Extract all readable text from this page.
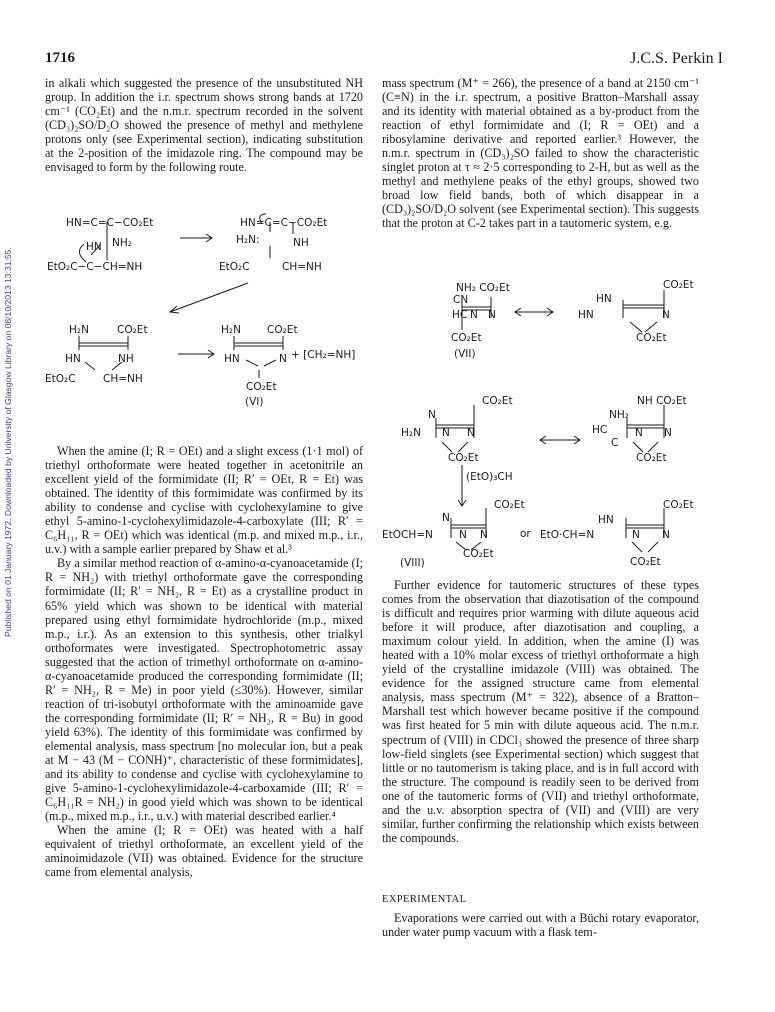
1716	J.C.S. Perkin I
Published on 01 January 1972. Downloaded by University of Glasgow Library on 08/10/2013 13:31:55.

in alkali which suggested the presence of the unsubstituted NH group. In addition the i.r. spectrum shows strong bands at 1720 cm⁻¹ (CO₂Et) and the n.m.r. spectrum recorded in the solvent (CD₃)₂SO/D₂O showed the presence of methyl and methylene protons only (see Experimental section), indicating substitution at the 2-position of the imidazole ring. The compound may be envisaged to form by the following route.

When the amine (I; R = OEt) and a slight excess (1·1 mol) of triethyl orthoformate were heated together in acetonitrile an excellent yield of the formimidate (II; R′ = OEt, R = Et) was obtained. The identity of this formimidate was confirmed by its ability to condense and cyclise with cyclohexylamine to give ethyl 5-amino-1-cyclohexylimidazole-4-carboxylate (III; R′ = C₆H₁₁, R = OEt) which was identical (m.p. and mixed m.p., i.r., u.v.) with a sample earlier prepared by Shaw et al.³

By a similar method reaction of α-amino-α-cyanoacetamide (I; R = NH₂) with triethyl orthoformate gave the corresponding formimidate (II; R′ = NH₂, R = Et) as a crystalline product in 65% yield which was shown to be identical with material prepared using ethyl formimidate hydrochloride (m.p., mixed m.p., i.r.). As an extension to this synthesis, other trialkyl orthoformates were investigated. Spectrophotometric assay suggested that the action of trimethyl orthoformate on α-amino-α-cyanoacetamide produced the corresponding formimidate (II; R′ = NH₂, R = Me) in poor yield (≤30%). However, similar reaction of tri-isobutyl orthoformate with the aminoamide gave the corresponding formimidate (II; R′ = NH₂, R = Bu) in good yield 63%). The identity of this formimidate was confirmed by elemental analysis, mass spectrum [no molecular ion, but a peak at M − 43 (M − CONH)⁺, characteristic of these formimidates], and its ability to condense and cyclise with cyclohexylamine to give 5-amino-1-cyclohexylimidazole-4-carboxamide (III; R′ = C₆H₁₁R = NH₂) in good yield which was shown to be identical (m.p., mixed m.p., i.r., u.v.) with material described earlier.⁴

When the amine (I; R = OEt) was heated with a half equivalent of triethyl orthoformate, an excellent yield of the aminoimidazole (VII) was obtained. Evidence for the structure came from elemental analysis,

mass spectrum (M⁺ = 266), the presence of a band at 2150 cm⁻¹ (C≡N) in the i.r. spectrum, a positive Bratton–Marshall assay and its identity with material obtained as a by-product from the reaction of ethyl formimidate and (I; R = OEt) and a ribosylamine derivative and reported earlier.³ However, the n.m.r. spectrum in (CD₃)₂SO failed to show the characteristic singlet proton at τ ≈ 2·5 corresponding to 2-H, but as well as the methyl and methylene peaks of the ethyl groups, showed two broad low field bands, both of which disappear in a (CD₃)₂SO/D₂O solvent (see Experimental section). This suggests that the proton at C-2 takes part in a tautomeric system, e.g.

Further evidence for tautomeric structures of these types comes from the observation that diazotisation of the compound is difficult and requires prior warming with dilute aqueous acid before it will produce, after diazotisation and coupling, a maximum colour yield. In addition, when the amine (I) was heated with a 10% molar excess of triethyl orthoformate a high yield of the crystalline imidazole (VIII) was obtained. The evidence for the assigned structure came from elemental analysis, mass spectrum (M⁺ = 322), absence of a Bratton–Marshall test which however became positive if the compound was first heated for 5 min with dilute aqueous acid. The n.m.r. spectrum of (VIII) in CDCl₃ showed the presence of three sharp low-field singlets (see Experimental section) which suggest that little or no tautomerism is taking place, and is in full accord with the structure. The compound is readily seen to be derived from one of the tautomeric forms of (VII) and triethyl orthoformate, and the u.v. absorption spectra of (VII) and (VIII) are very similar, further confirming the relationship which exists between the compounds.

EXPERIMENTAL

Evaporations were carried out with a Büchi rotary evaporator, under water pump vacuum with a flask tem-

HN=C=C−CO₂Et
NH₂
HN
EtO₂C−C−CH=NH
HN=C=C−CO₂Et
H₂N:	NH
EtO₂C	CH=NH
H₂N	CO₂Et
HN	NH
EtO₂C	CH=NH
H₂N CO₂Et
HN	N + [CH₂=NH]
CO₂Et
(VI)
NH₂ CO₂Et
CN
HC N N
CO₂Et
(VII)
CO₂Et
HN
HN	N
CO₂Et
CO₂Et
N
H₂N N N
CO₂Et
NH CO₂Et
NH₂
HC
C
N N
CO₂Et
(EtO)₃CH
CO₂Et
N
EtOCH=N N N
CO₂Et
or
CO₂Et
HN
EtO·CH=N	N N
CO₂Et
(VIII)
